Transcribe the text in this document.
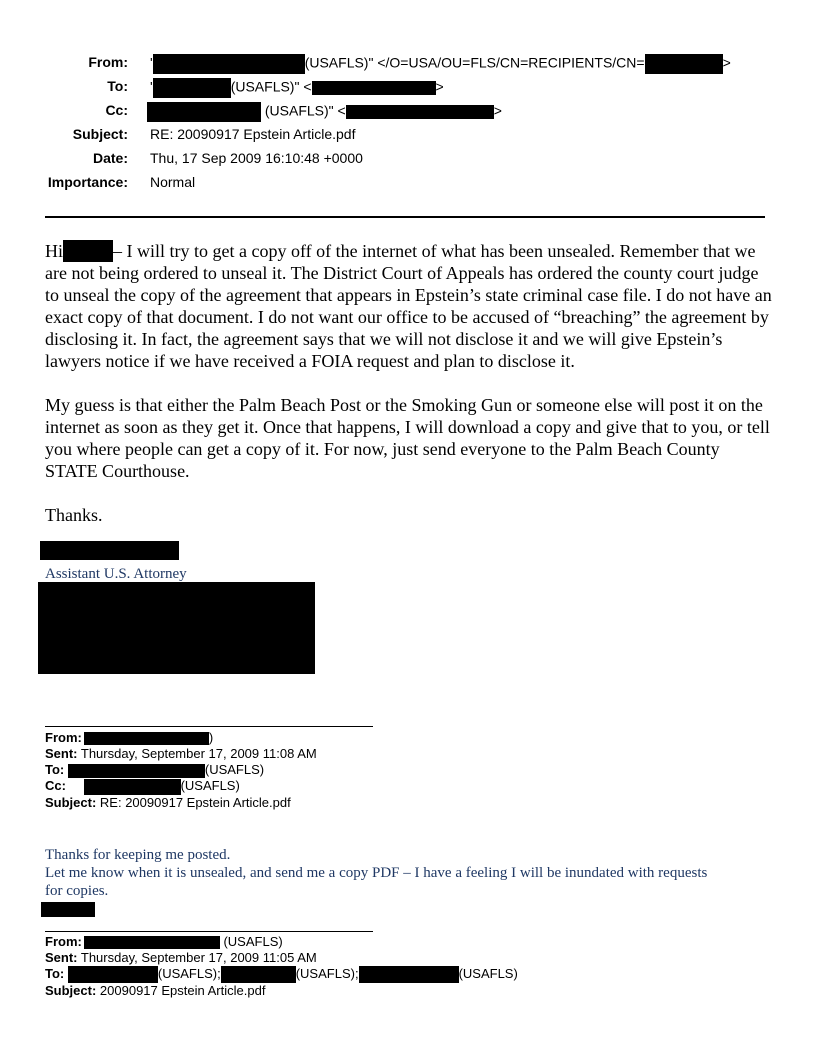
From: '	(USAFLS)" </O=USA/OU=FLS/CN=RECIPIENTS/CN=	>
To: '	(USAFLS)" <	>
Cc:	(USAFLS)" <	>
Subject: RE: 20090917 Epstein Article.pdf
Date: Thu, 17 Sep 2009 16:10:48 +0000
Importance: Normal

Hi	– I will try to get a copy off of the internet of what has been unsealed. Remember that we are not being ordered to unseal it. The District Court of Appeals has ordered the county court judge to unseal the copy of the agreement that appears in Epstein’s state criminal case file. I do not have an exact copy of that document. I do not want our office to be accused of “breaching” the agreement by disclosing it. In fact, the agreement says that we will not disclose it and we will give Epstein’s lawyers notice if we have received a FOIA request and plan to disclose it.

My guess is that either the Palm Beach Post or the Smoking Gun or someone else will post it on the internet as soon as they get it. Once that happens, I will download a copy and give that to you, or tell you where people can get a copy of it. For now, just send everyone to the Palm Beach County STATE Courthouse.

Thanks.

Assistant U.S. Attorney
From:	)
Sent: Thursday, September 17, 2009 11:08 AM
To:	(USAFLS)
Cc:	(USAFLS)
Subject: RE: 20090917 Epstein Article.pdf
Thanks for keeping me posted.
Let me know when it is unsealed, and send me a copy PDF – I have a feeling I will be inundated with requests
for copies.
From:	(USAFLS)
Sent: Thursday, September 17, 2009 11:05 AM
To:	(USAFLS);	(USAFLS);	(USAFLS)
Subject: 20090917 Epstein Article.pdf
